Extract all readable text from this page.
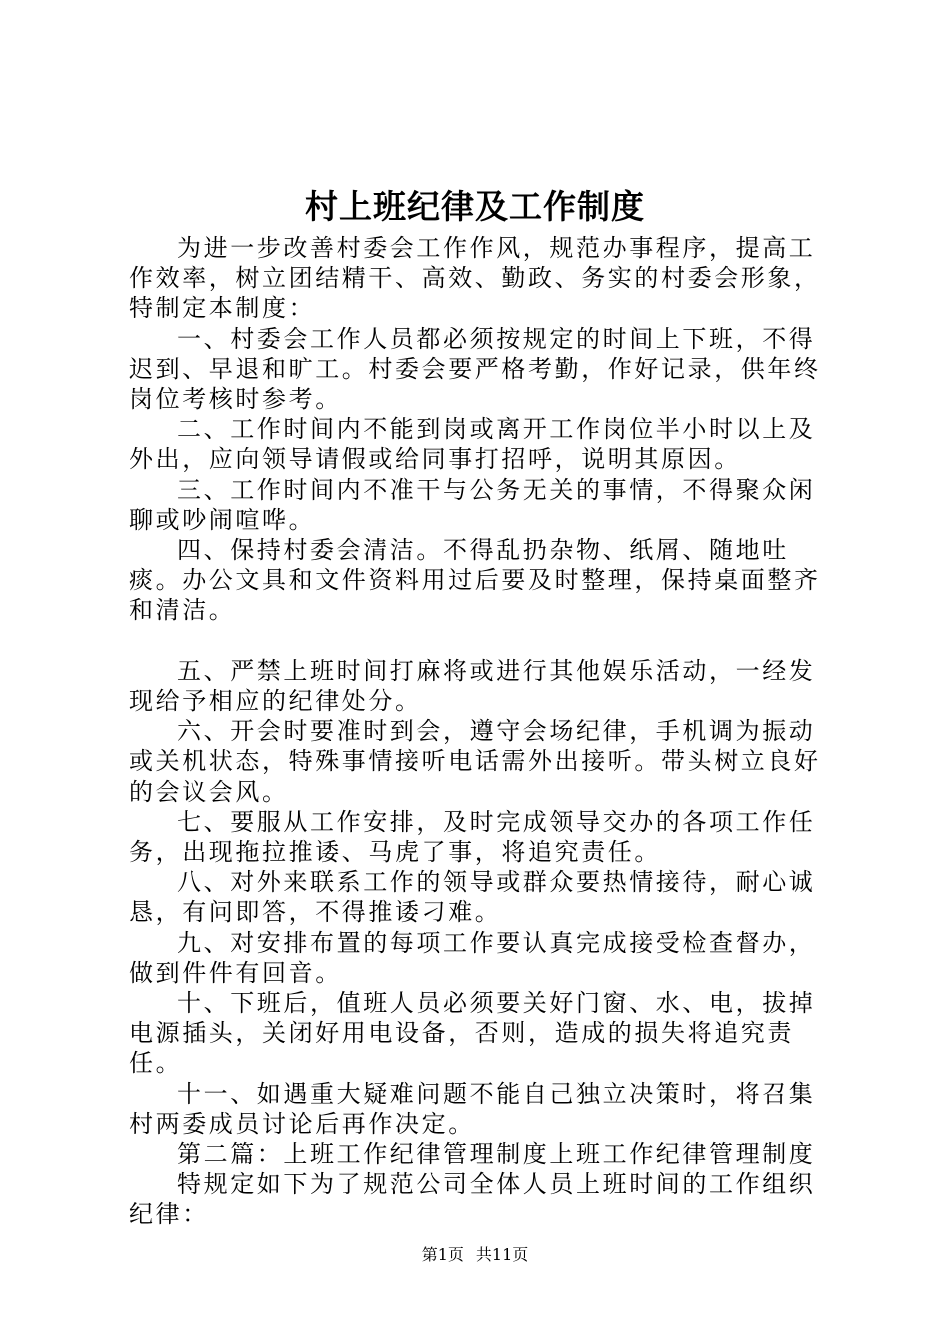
村上班纪律及工作制度

为进一步改善村委会工作作风，规范办事程序，提高工作效率，树立团结精干、高效、勤政、务实的村委会形象，特制定本制度：

一、村委会工作人员都必须按规定的时间上下班，不得迟到、早退和旷工。村委会要严格考勤，作好记录，供年终岗位考核时参考。

二、工作时间内不能到岗或离开工作岗位半小时以上及外出，应向领导请假或给同事打招呼，说明其原因。

三、工作时间内不准干与公务无关的事情，不得聚众闲聊或吵闹喧哗。

四、保持村委会清洁。不得乱扔杂物、纸屑、随地吐痰。办公文具和文件资料用过后要及时整理，保持桌面整齐和清洁。

五、严禁上班时间打麻将或进行其他娱乐活动，一经发现给予相应的纪律处分。

六、开会时要准时到会，遵守会场纪律，手机调为振动或关机状态，特殊事情接听电话需外出接听。带头树立良好的会议会风。

七、要服从工作安排，及时完成领导交办的各项工作任务，出现拖拉推诿、马虎了事，将追究责任。

八、对外来联系工作的领导或群众要热情接待，耐心诚恳，有问即答，不得推诿刁难。

九、对安排布置的每项工作要认真完成接受检查督办，做到件件有回音。

十、下班后，值班人员必须要关好门窗、水、电，拔掉电源插头，关闭好用电设备，否则，造成的损失将追究责任。

十一、如遇重大疑难问题不能自己独立决策时，将召集村两委成员讨论后再作决定。

第二篇：上班工作纪律管理制度上班工作纪律管理制度

特规定如下为了规范公司全体人员上班时间的工作组织纪律：

第1页 共11页
